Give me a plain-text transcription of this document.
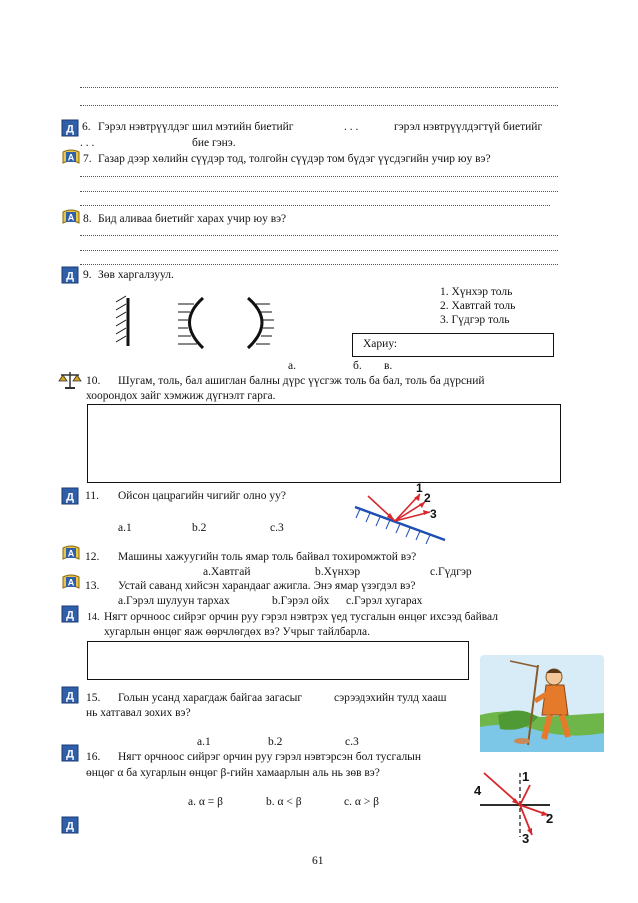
Д 6. Гэрэл нэвтрүүлдэг шил мэтийн биетийг	. . .	гэрэл нэвтрүүлдэгтүй биетийг
. . .	бие гэнэ.
А 7. Газар дээр хөлийн сүүдэр тод, толгойн сүүдэр том бүдэг үүсдэгийн учир юу вэ?
А 8. Бид аливаа биетийг харах учир юу вэ?
Д 9. Зөв харгалзуул.
1. Хүнхэр толь
2. Хавтгай толь
3. Гүдгэр толь
Хариу:
a.	б. в.
10. Шугам, толь, бал ашиглан балны дүрс үүсгэж толь ба бал, толь ба дүрсний
хоорондох зайг хэмжиж дүгнэлт гарга.
Д 11. Ойсон цацрагийн чигийг олно уу?
a.1	b.2	c.3
1
2
3
А 12. Машины хажуугийн толь ямар толь байвал тохиромжтой вэ?
a.Хавтгай	b.Хүнхэр	c.Гүдгэр
А 13. Устай саванд хийсэн харандааг ажигла. Энэ ямар үзэгдэл вэ?
a.Гэрэл шулуун тархах	b.Гэрэл ойх c.Гэрэл хугарах
Д 14. Нягт орчноос сийрэг орчин руу гэрэл нэвтрэх үед тусгалын өнцөг ихсээд байвал
хугарлын өнцөг яаж өөрчлөгдөх вэ? Учрыг тайлбарла.
Д 15. Голын усанд харагдаж байгаа загасыг	сэрээдэхийн тулд хааш
нь хатгавал зохих вэ?
a.1	b.2	c.3
Д 16. Нягт орчноос сийрэг орчин руу гэрэл нэвтэрсэн бол тусгалын
өнцөг α ба хугарлын өнцөг β-гийн хамаарлын аль нь зөв вэ?
a. α = β	b. α < β	c. α > β
1
2
3
4
Д
61
